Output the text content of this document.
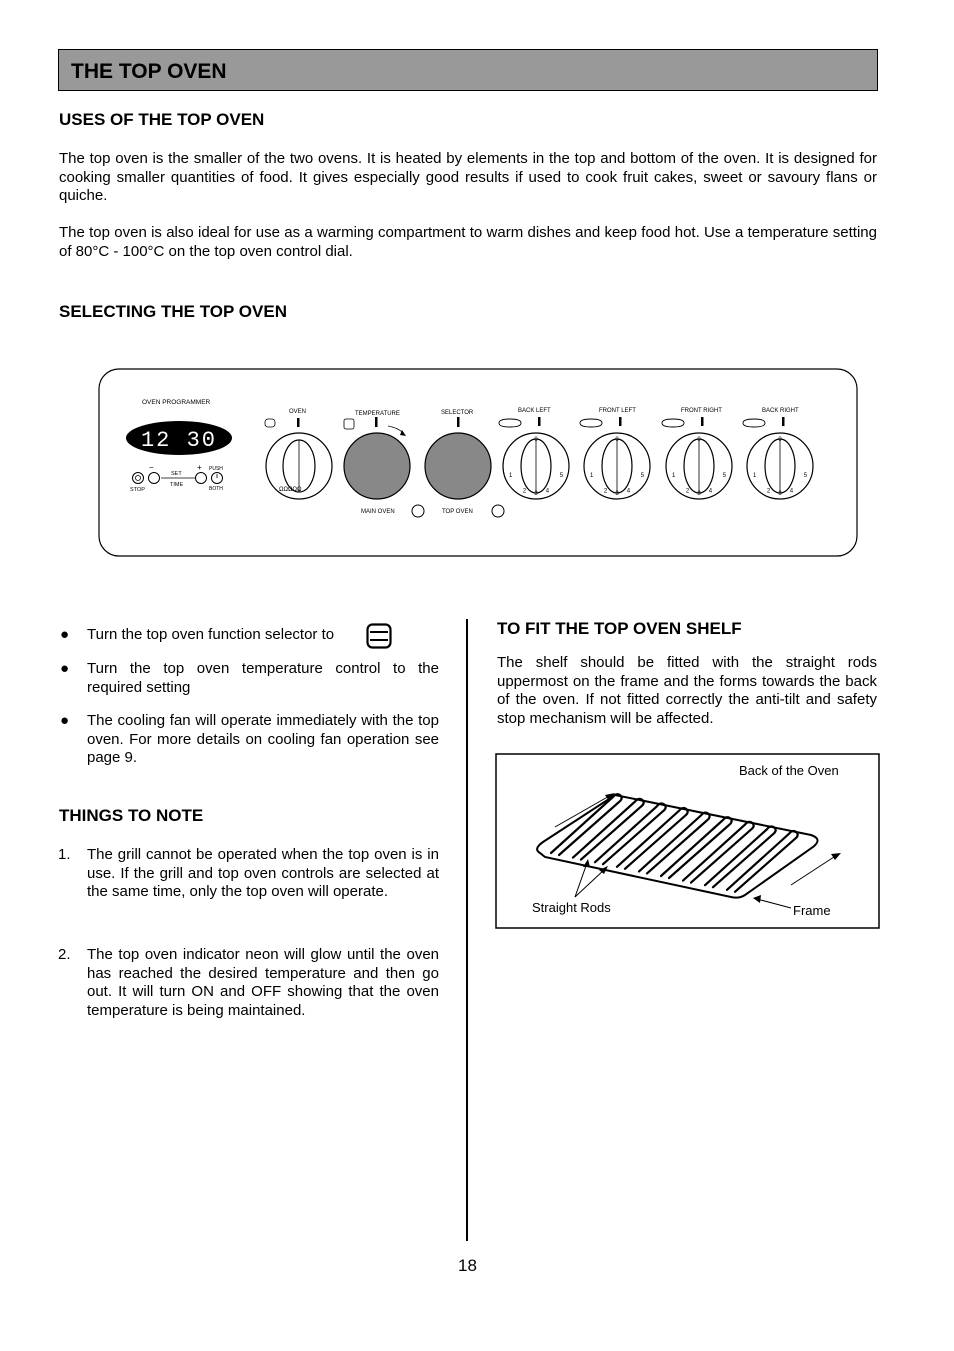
THE TOP OVEN
USES OF THE TOP OVEN

The top oven is the smaller of the two ovens. It is heated by elements in the top and bottom of the oven. It is designed for cooking smaller quantities of food. It gives especially good results if used to cook fruit cakes, sweet or savoury flans or quiche.

The top oven is also ideal for use as a warming compartment to warm dishes and keep food hot. Use a temperature setting of 80°C - 100°C on the top oven control dial.

SELECTING THE TOP OVEN
OVEN PROGRAMMER
12 30
STOP
−
SET
TIME
+ PUSH
BOTH
OVEN
ΩΩΩΩΩ
TEMPERATURE	SELECTOR
MAIN OVEN	TOP OVEN
BACK LEFT
0
1
2 3 4
5
FRONT LEFT
0
1
2 3 4
5
FRONT RIGHT
0
1
2 3 4
5
BACK RIGHT
0
1
2 3 4
5
● Turn the top oven function selector to
● Turn the top oven temperature control to the required setting
● The cooling fan will operate immediately with the top oven. For more details on cooling fan operation see page 9.
THINGS TO NOTE
1. The grill cannot be operated when the top oven is in use. If the grill and top oven controls are selected at the same time, only the top oven will operate.
2. The top oven indicator neon will glow until the oven has reached the desired temperature and then go out. It will turn ON and OFF showing that the oven temperature is being maintained.
TO FIT THE TOP OVEN SHELF

The shelf should be fitted with the straight rods uppermost on the frame and the forms towards the back of the oven. If not fitted correctly the anti-tilt and safety stop mechanism will be affected.

Back of the Oven
Straight Rods	Frame
18
